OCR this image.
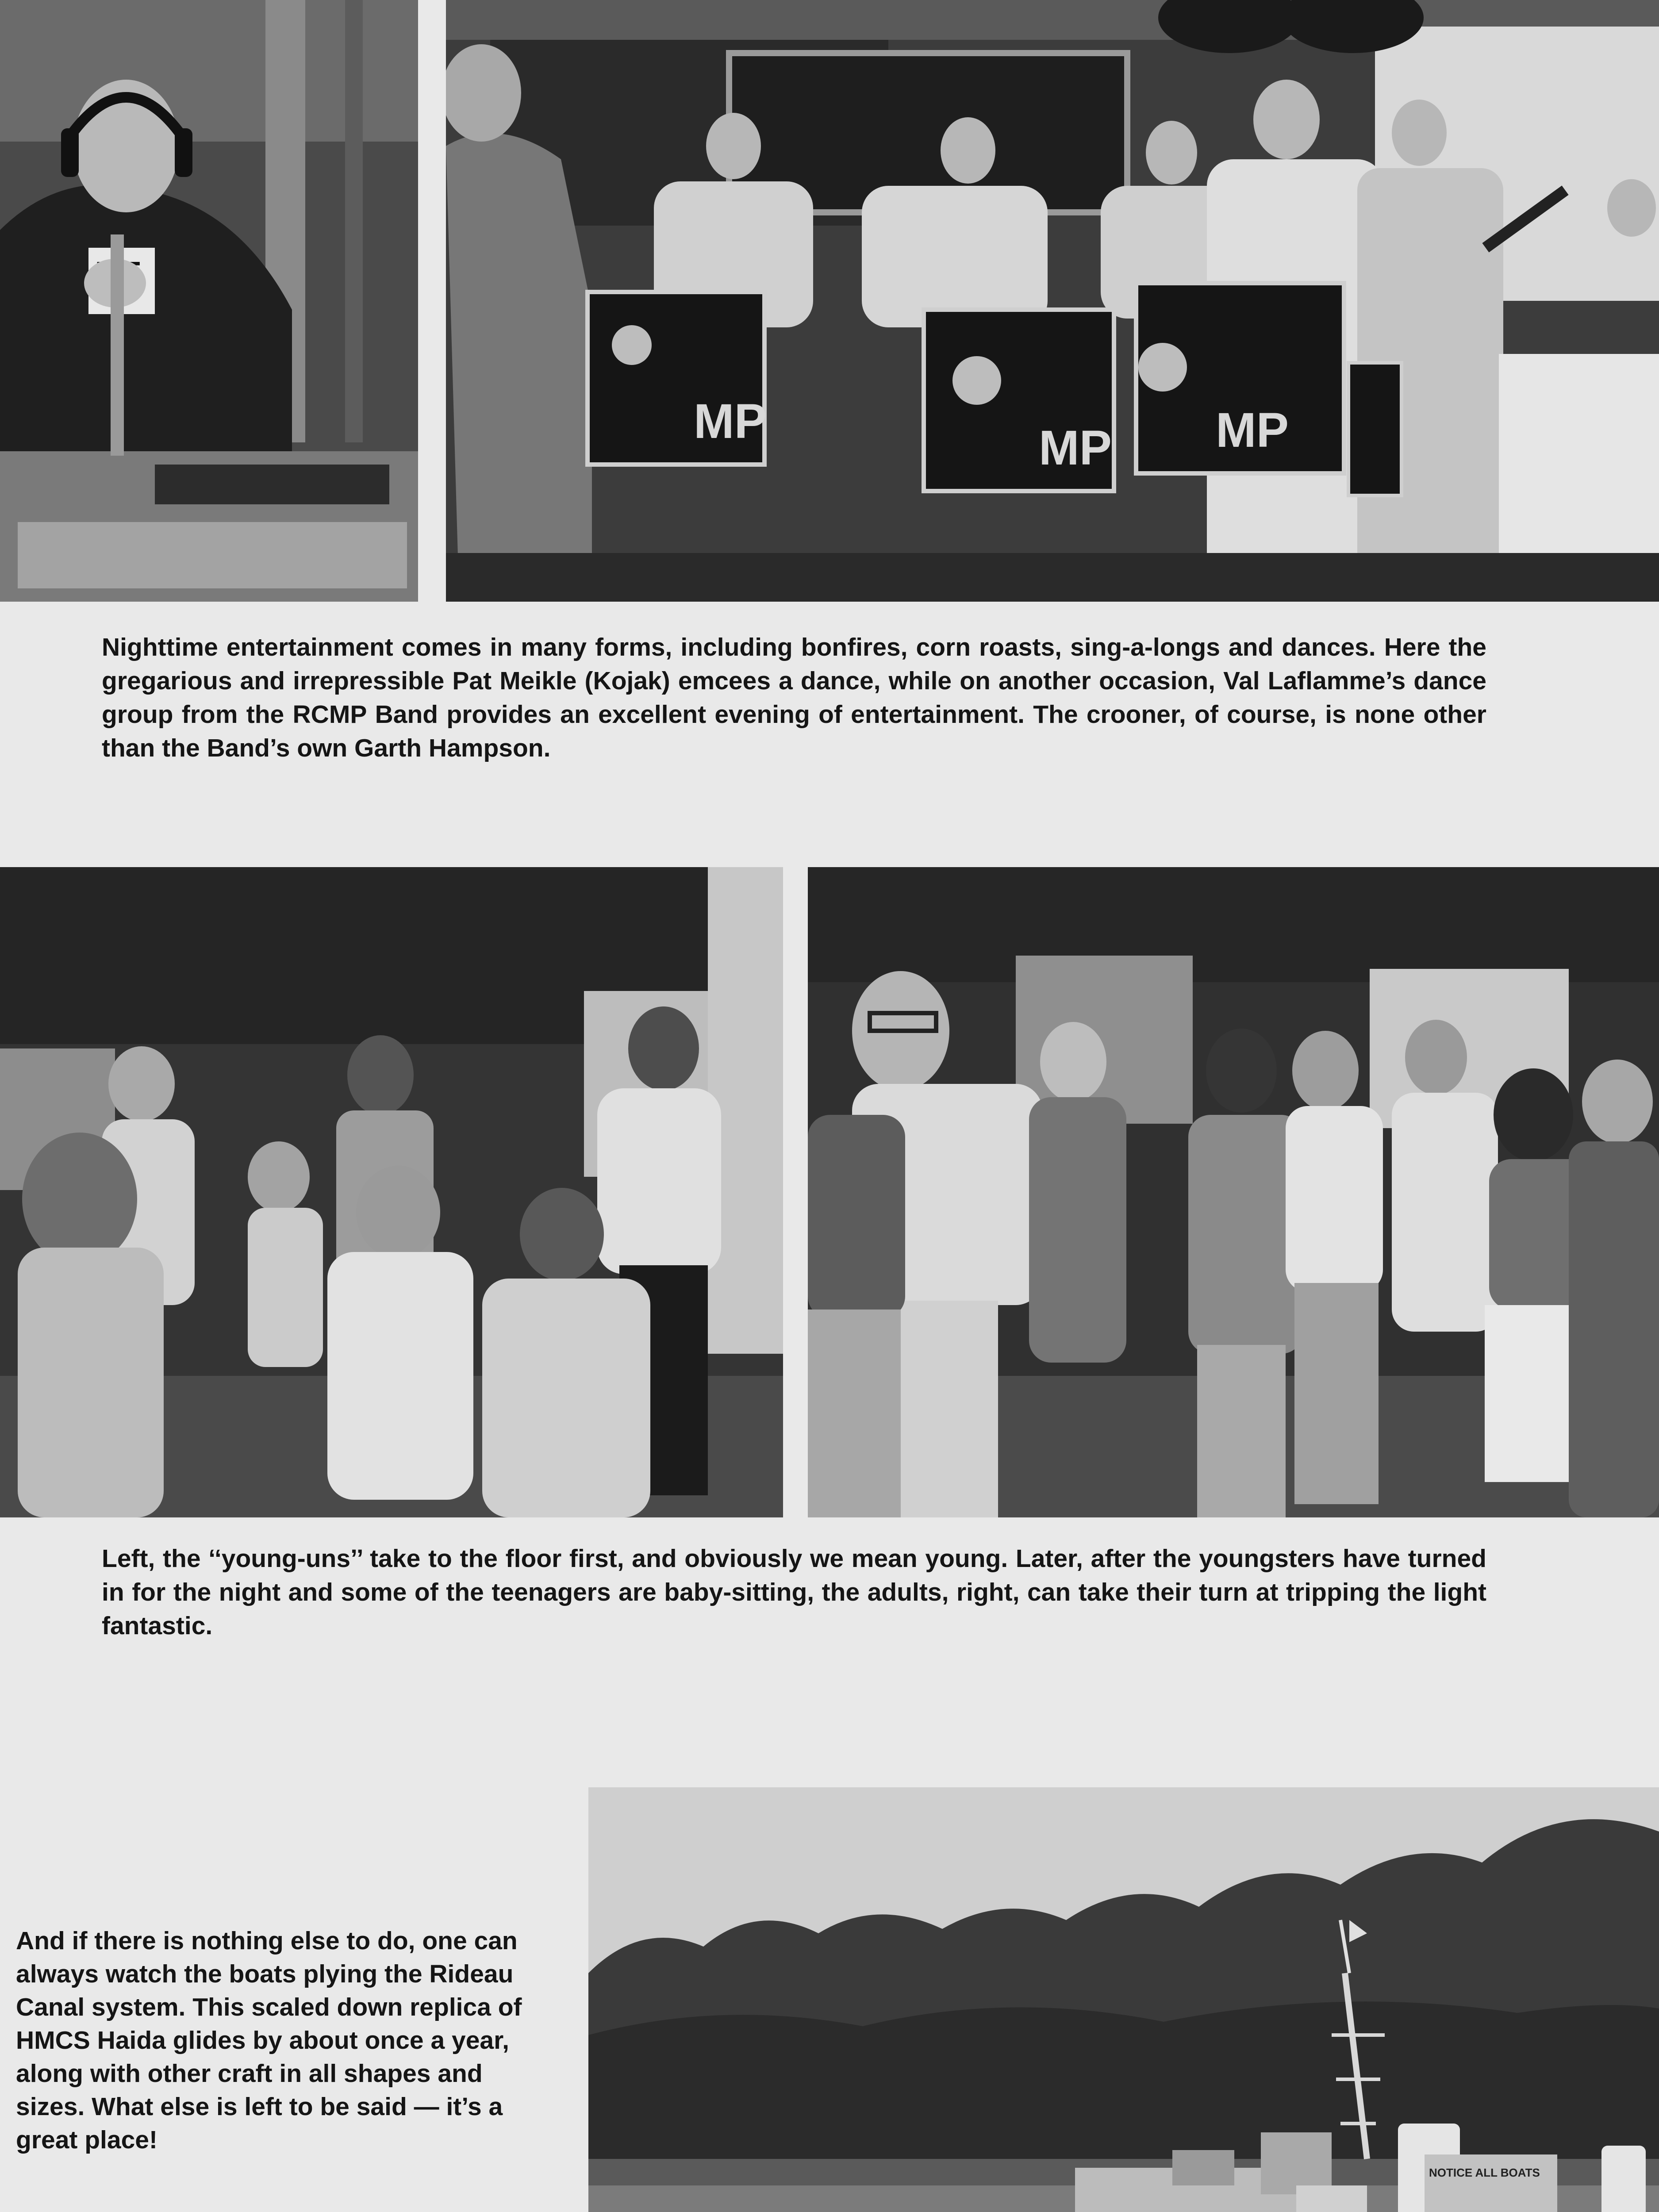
MP	MP MP

Nighttime entertainment comes in many forms, including bonfires, corn roasts, sing-a-longs and dances. Here the gregarious and irrepressible Pat Meikle (Kojak) emcees a dance, while on another occasion, Val Laflamme’s dance group from the RCMP Band provides an excellent evening of entertainment. The crooner, of course, is none other than the Band’s own Garth Hampson.

Left, the ‘‘young-uns’’ take to the floor first, and obviously we mean young. Later, after the youngsters have turned in for the night and some of the teenagers are baby-sitting, the adults, right, can take their turn at tripping the light fantastic.

And if there is nothing else to do, one can always watch the boats plying the Rideau Canal system. This scaled down replica of HMCS Haida glides by about once a year, along with other craft in all shapes and sizes. What else is left to be said — it’s a great place!

NOTICE ALL BOATS
